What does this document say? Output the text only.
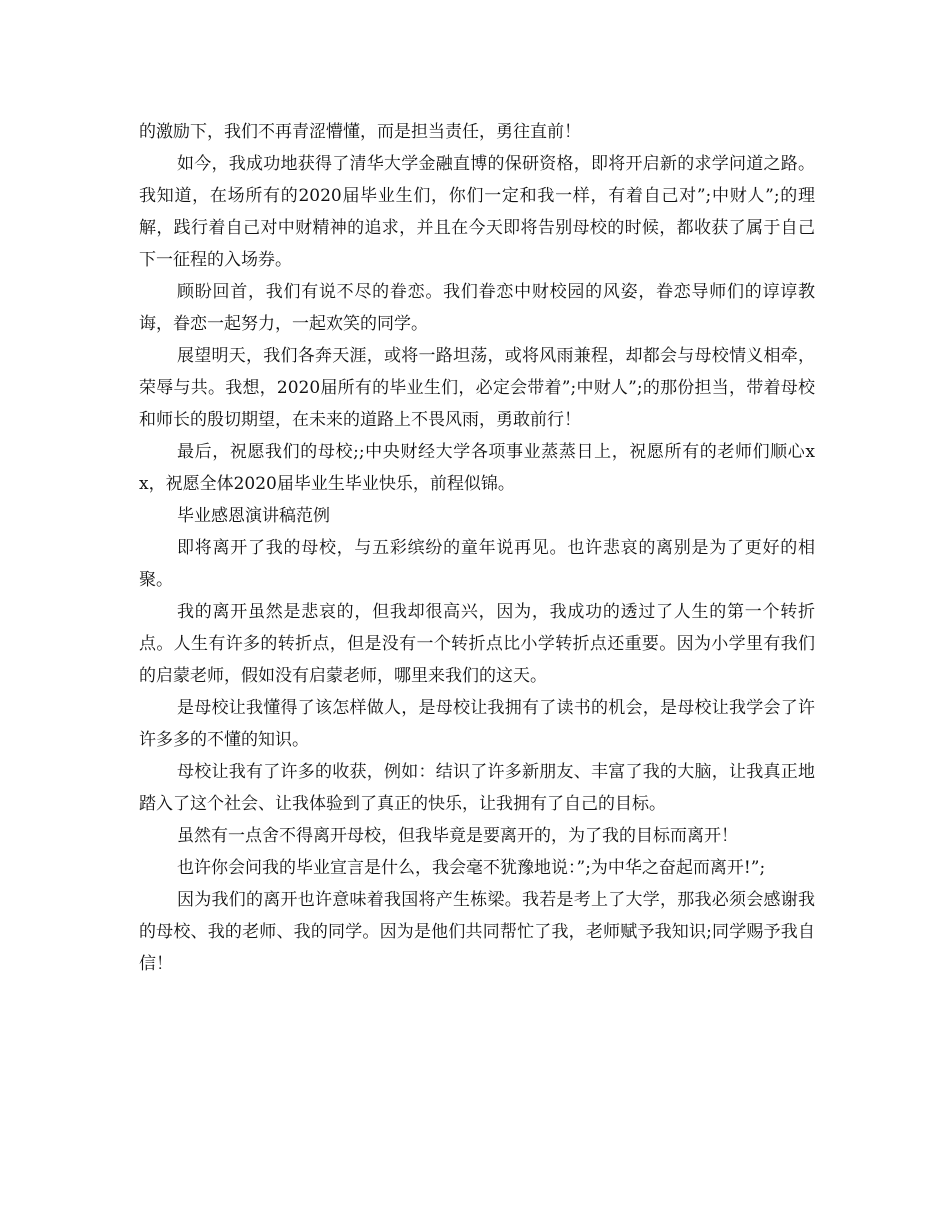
的激励下，我们不再青涩懵懂，而是担当责任，勇往直前！

如今，我成功地获得了清华大学金融直博的保研资格，即将开启新的求学问道之路。我知道，在场所有的2020届毕业生们，你们一定和我一样，有着自己对”;中财人”;的理解，践行着自己对中财精神的追求，并且在今天即将告别母校的时候，都收获了属于自己下一征程的入场券。

顾盼回首，我们有说不尽的眷恋。我们眷恋中财校园的风姿，眷恋导师们的谆谆教诲，眷恋一起努力，一起欢笑的同学。

展望明天，我们各奔天涯，或将一路坦荡，或将风雨兼程，却都会与母校情义相牵，荣辱与共。我想，2020届所有的毕业生们，必定会带着”;中财人”;的那份担当，带着母校和师长的殷切期望，在未来的道路上不畏风雨，勇敢前行！

最后，祝愿我们的母校;;中央财经大学各项事业蒸蒸日上，祝愿所有的老师们顺心xx，祝愿全体2020届毕业生毕业快乐，前程似锦。

毕业感恩演讲稿范例

即将离开了我的母校，与五彩缤纷的童年说再见。也许悲哀的离别是为了更好的相聚。

我的离开虽然是悲哀的，但我却很高兴，因为，我成功的透过了人生的第一个转折点。人生有许多的转折点，但是没有一个转折点比小学转折点还重要。因为小学里有我们的启蒙老师，假如没有启蒙老师，哪里来我们的这天。

是母校让我懂得了该怎样做人，是母校让我拥有了读书的机会，是母校让我学会了许许多多的不懂的知识。

母校让我有了许多的收获，例如：结识了许多新朋友、丰富了我的大脑，让我真正地踏入了这个社会、让我体验到了真正的快乐，让我拥有了自己的目标。

虽然有一点舍不得离开母校，但我毕竟是要离开的，为了我的目标而离开！

也许你会问我的毕业宣言是什么，我会毫不犹豫地说：”;为中华之奋起而离开!”;

因为我们的离开也许意味着我国将产生栋梁。我若是考上了大学，那我必须会感谢我的母校、我的老师、我的同学。因为是他们共同帮忙了我，老师赋予我知识;同学赐予我自信！
